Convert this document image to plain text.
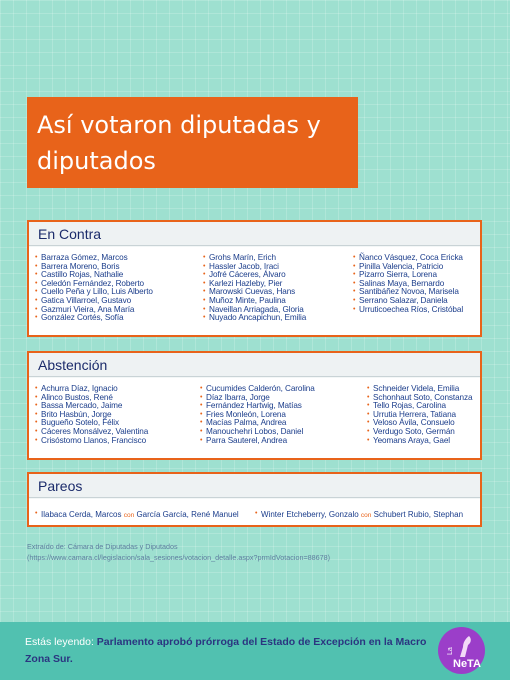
Así votaron diputadas y diputados
En Contra
• Barraza Gómez, Marcos
• Barrera Moreno, Boris
• Castillo Rojas, Nathalie
• Celedón Fernández, Roberto
• Cuello Peña y Lillo, Luis Alberto
• Gatica Villarroel, Gustavo
• Gazmuri Vieira, Ana María
• González Cortés, Sofía
• Grohs Marín, Erich
• Hassler Jacob, Iraci
• Jofré Cáceres, Álvaro
• Karlezi Hazleby, Pier
• Marowski Cuevas, Hans
• Muñoz Minte, Paulina
• Naveillan Arriagada, Gloria
• Nuyado Ancapichun, Emilia
• Ñanco Vásquez, Coca Ericka
• Pinilla Valencia, Patricio
• Pizarro Sierra, Lorena
• Salinas Maya, Bernardo
• Santibáñez Novoa, Marisela
• Serrano Salazar, Daniela
• Urruticoechea Ríos, Cristóbal
Abstención
• Achurra Díaz, Ignacio
• Alinco Bustos, René
• Bassa Mercado, Jaime
• Brito Hasbún, Jorge
• Bugueño Sotelo, Félix
• Cáceres Monsálvez, Valentina
• Crisóstomo Llanos, Francisco
• Cucumides Calderón, Carolina
• Díaz Ibarra, Jorge
• Fernández Hartwig, Matías
• Fries Monleón, Lorena
• Macías Palma, Andrea
• Manouchehri Lobos, Daniel
• Parra Sauterel, Andrea
• Schneider Videla, Emilia
• Schonhaut Soto, Constanza
• Tello Rojas, Carolina
• Urrutia Herrera, Tatiana
• Veloso Ávila, Consuelo
• Verdugo Soto, Germán
• Yeomans Araya, Gael
Pareos
• Ilabaca Cerda, Marcos con García García, René Manuel
•	Winter Etcheberry, Gonzalo con Schubert Rubio, Stephan
Extraído de: Cámara de Diputadas y Diputados
(https://www.camara.cl/legislacion/sala_sesiones/votacion_detalle.aspx?prmIdVotacion=88678)
Estás leyendo: Parlamento aprobó prórroga del Estado de Excepción en la Macro Zona Sur.
La
NeTA
